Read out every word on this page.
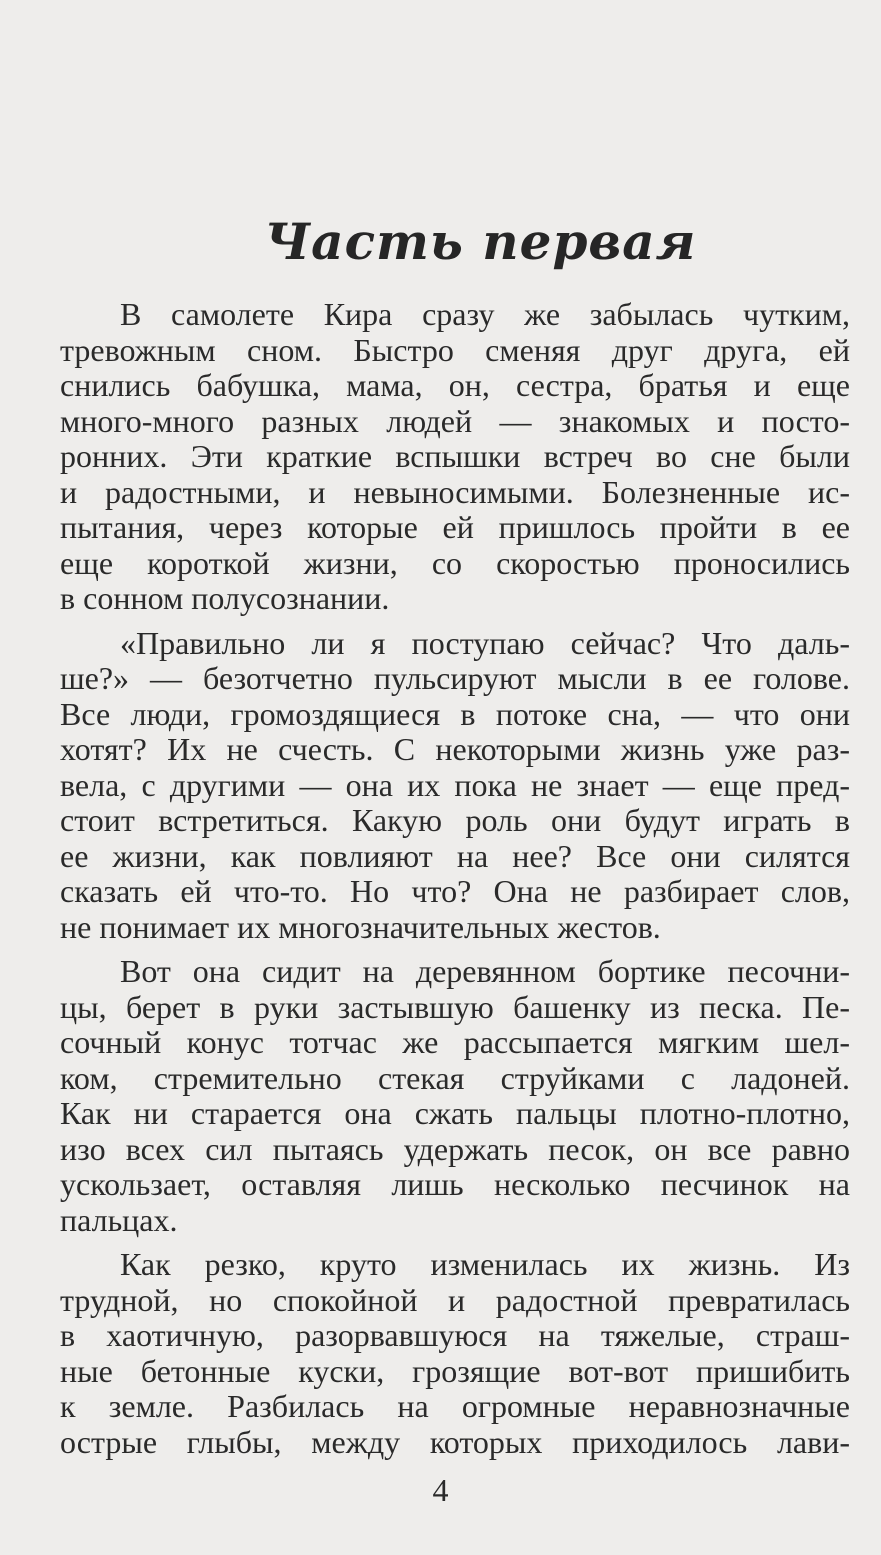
Часть первая
В самолете Кира сразу же забылась чутким,
тревожным сном. Быстро сменяя друг друга, ей
снились бабушка, мама, он, сестра, братья и еще
много-много разных людей — знакомых и посто-
ронних. Эти краткие вспышки встреч во сне были
и радостными, и невыносимыми. Болезненные ис-
пытания, через которые ей пришлось пройти в ее
еще короткой жизни, со скоростью проносились
в сонном полусознании.
«Правильно ли я поступаю сейчас? Что даль-
ше?» — безотчетно пульсируют мысли в ее голове.
Все люди, громоздящиеся в потоке сна, — что они
хотят? Их не счесть. С некоторыми жизнь уже раз-
вела, с другими — она их пока не знает — еще пред-
стоит встретиться. Какую роль они будут играть в
ее жизни, как повлияют на нее? Все они силятся
сказать ей что-то. Но что? Она не разбирает слов,
не понимает их многозначительных жестов.
Вот она сидит на деревянном бортике песочни-
цы, берет в руки застывшую башенку из песка. Пе-
сочный конус тотчас же рассыпается мягким шел-
ком, стремительно стекая струйками с ладоней.
Как ни старается она сжать пальцы плотно-плотно,
изо всех сил пытаясь удержать песок, он все равно
ускользает, оставляя лишь несколько песчинок на
пальцах.
Как резко, круто изменилась их жизнь. Из
трудной, но спокойной и радостной превратилась
в хаотичную, разорвавшуюся на тяжелые, страш-
ные бетонные куски, грозящие вот-вот пришибить
к земле. Разбилась на огромные неравнозначные
острые глыбы, между которых приходилось лави-
4
